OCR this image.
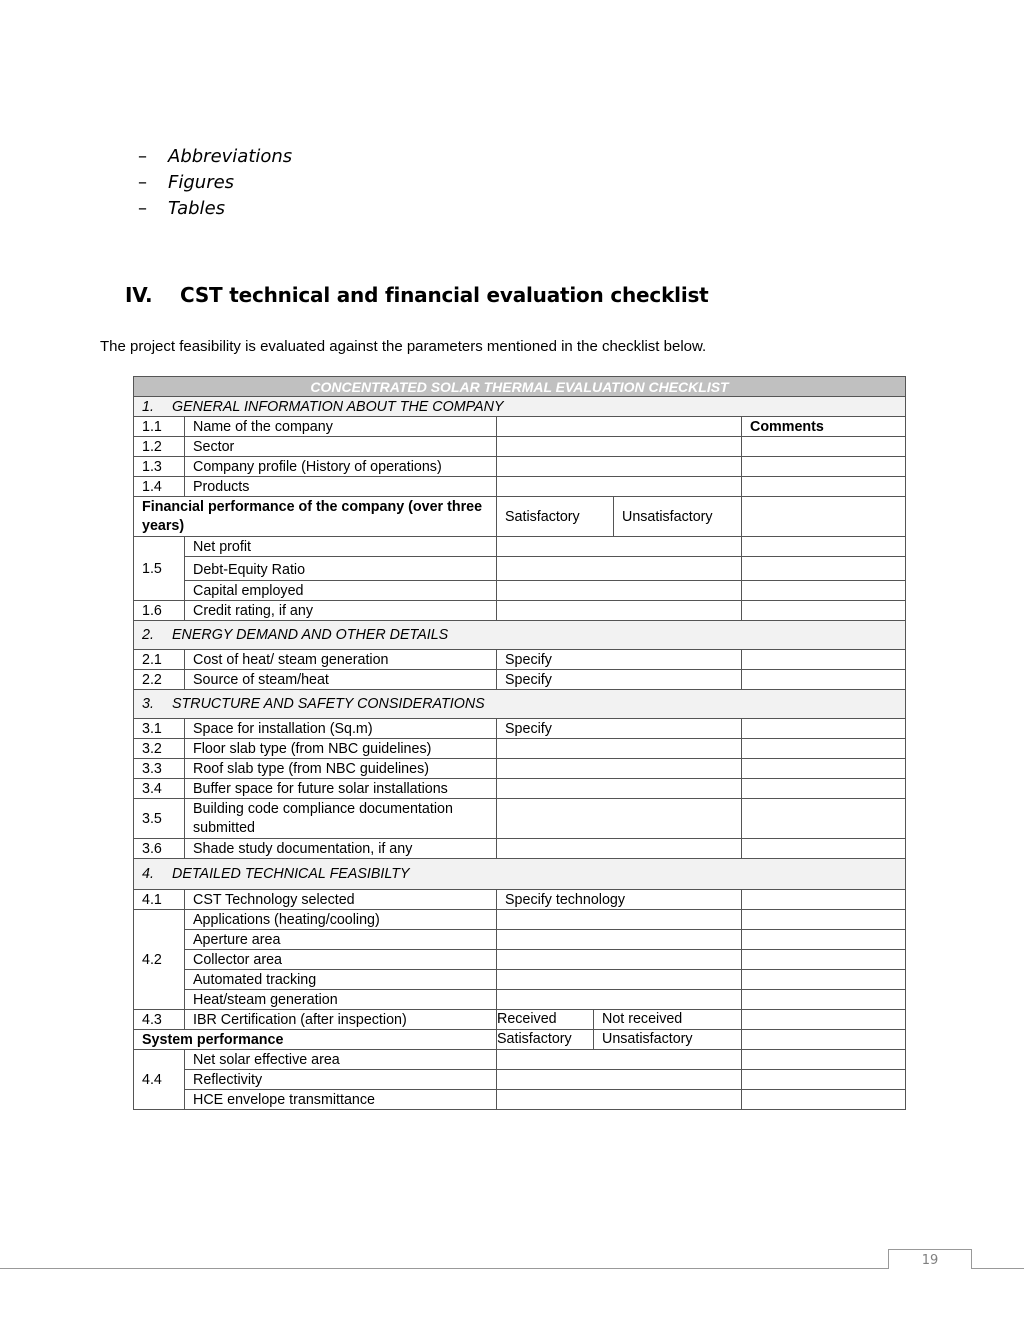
– Abbreviations
– Figures
– Tables
IV. CST technical and financial evaluation checklist

The project feasibility is evaluated against the parameters mentioned in the checklist below.

CONCENTRATED SOLAR THERMAL EVALUATION CHECKLIST				
1. GENERAL INFORMATION ABOUT THE COMPANY				
1.1	Name of the company			Comments
1.2	Sector			
1.3	Company profile (History of operations)			
1.4	Products			
Financial performance of the company (over three years)		Satisfactory	Unsatisfactory	
1.5	Net profit			
	Debt-Equity Ratio			
	Capital employed			
1.6	Credit rating, if any			
2. ENERGY DEMAND AND OTHER DETAILS				
2.1	Cost of heat/ steam generation	Specify		
2.2	Source of steam/heat	Specify		
3. STRUCTURE AND SAFETY CONSIDERATIONS				
3.1	Space for installation (Sq.m)	Specify		
3.2	Floor slab type (from NBC guidelines)			
3.3	Roof slab type (from NBC guidelines)			
3.4	Buffer space for future solar installations			
3.5	Building code compliance documentation submitted			
3.6	Shade study documentation, if any			
4. DETAILED TECHNICAL FEASIBILTY				
4.1	CST Technology selected	Specify technology		
4.2	Applications (heating/cooling)			
	Aperture area			
	Collector area			
	Automated tracking			
	Heat/steam generation			
4.3	IBR Certification (after inspection)	Received Not received		

System performance		Satisfactory Unsatisfactory		

4.4	Net solar effective area			
	Reflectivity			
	HCE envelope transmittance			
19
